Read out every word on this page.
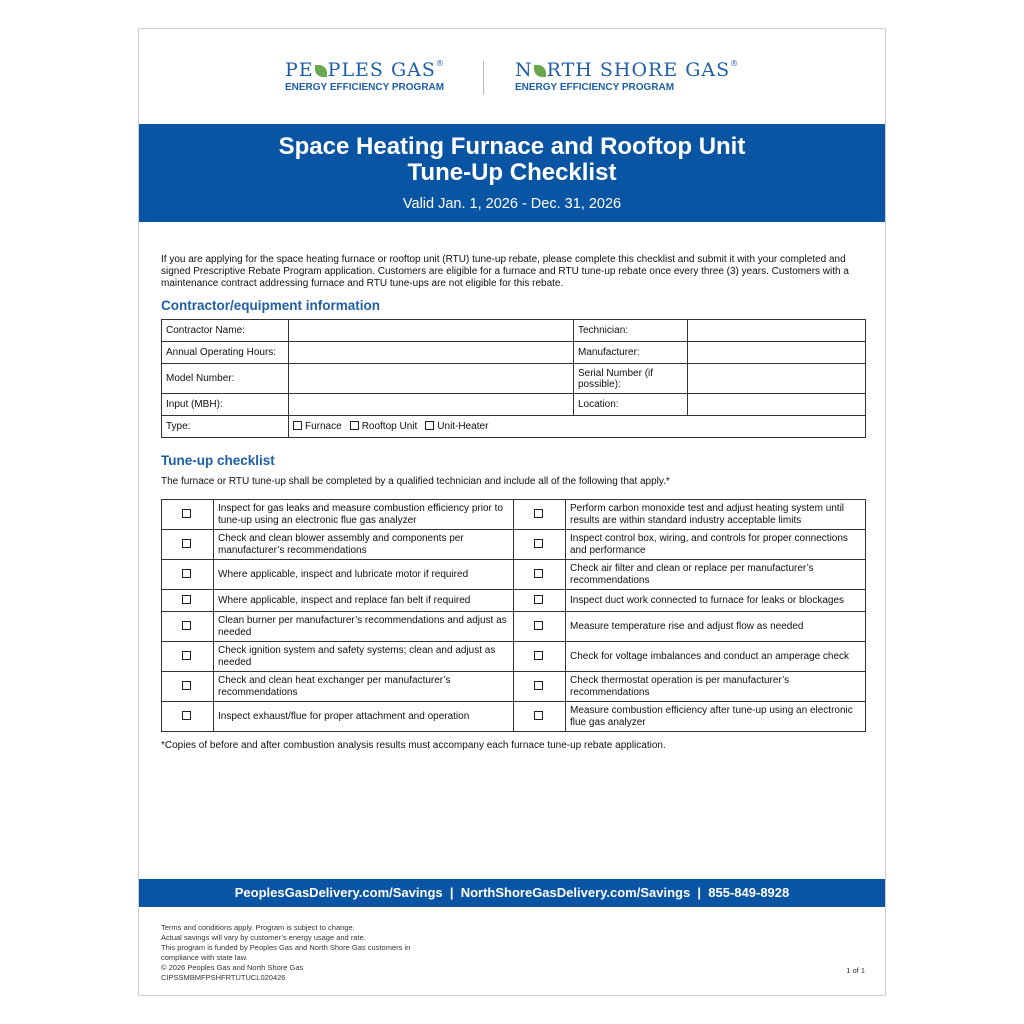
PE PLES GAS®
ENERGY EFFICIENCY PROGRAM
N RTH SHORE GAS®
ENERGY EFFICIENCY PROGRAM
Space Heating Furnace and Rooftop Unit
Tune-Up Checklist
Valid Jan. 1, 2026 - Dec. 31, 2026
If you are applying for the space heating furnace or rooftop unit (RTU) tune-up rebate, please complete this checklist and submit it with your completed and signed Prescriptive Rebate Program application. Customers are eligible for a furnace and RTU tune-up rebate once every three (3) years. Customers with a maintenance contract addressing furnace and RTU tune-ups are not eligible for this rebate.
Contractor/equipment information
Contractor Name:		Technician:	
Annual Operating Hours:		Manufacturer:	
Model Number:		Serial Number (if possible):	
Input (MBH):		Location:	
Type:	Furnace Rooftop Unit Unit-Heater		
Tune-up checklist
The furnace or RTU tune-up shall be completed by a qualified technician and include all of the following that apply.*
	Inspect for gas leaks and measure combustion efficiency prior to tune-up using an electronic flue gas analyzer		Perform carbon monoxide test and adjust heating system until results are within standard industry acceptable limits
	Check and clean blower assembly and components per manufacturer’s recommendations		Inspect control box, wiring, and controls for proper connections and performance
	Where applicable, inspect and lubricate motor if required		Check air filter and clean or replace per manufacturer’s recommendations
	Where applicable, inspect and replace fan belt if required		Inspect duct work connected to furnace for leaks or blockages
	Clean burner per manufacturer’s recommendations and adjust as needed		Measure temperature rise and adjust flow as needed
	Check ignition system and safety systems; clean and adjust as needed		Check for voltage imbalances and conduct an amperage check
	Check and clean heat exchanger per manufacturer’s recommendations		Check thermostat operation is per manufacturer’s recommendations
	Inspect exhaust/flue for proper attachment and operation		Measure combustion efficiency after tune-up using an electronic flue gas analyzer
*Copies of before and after combustion analysis results must accompany each furnace tune-up rebate application.
PeoplesGasDelivery.com/Savings  |  NorthShoreGasDelivery.com/Savings  |  855-849-8928
Terms and conditions apply. Program is subject to change.
Actual savings will vary by customer’s energy usage and rate.
This program is funded by Peoples Gas and North Shore Gas customers in
compliance with state law.
© 2026 Peoples Gas and North Shore Gas
CIPSSMBMFPSHFRTUTUCL020426
1 of 1
